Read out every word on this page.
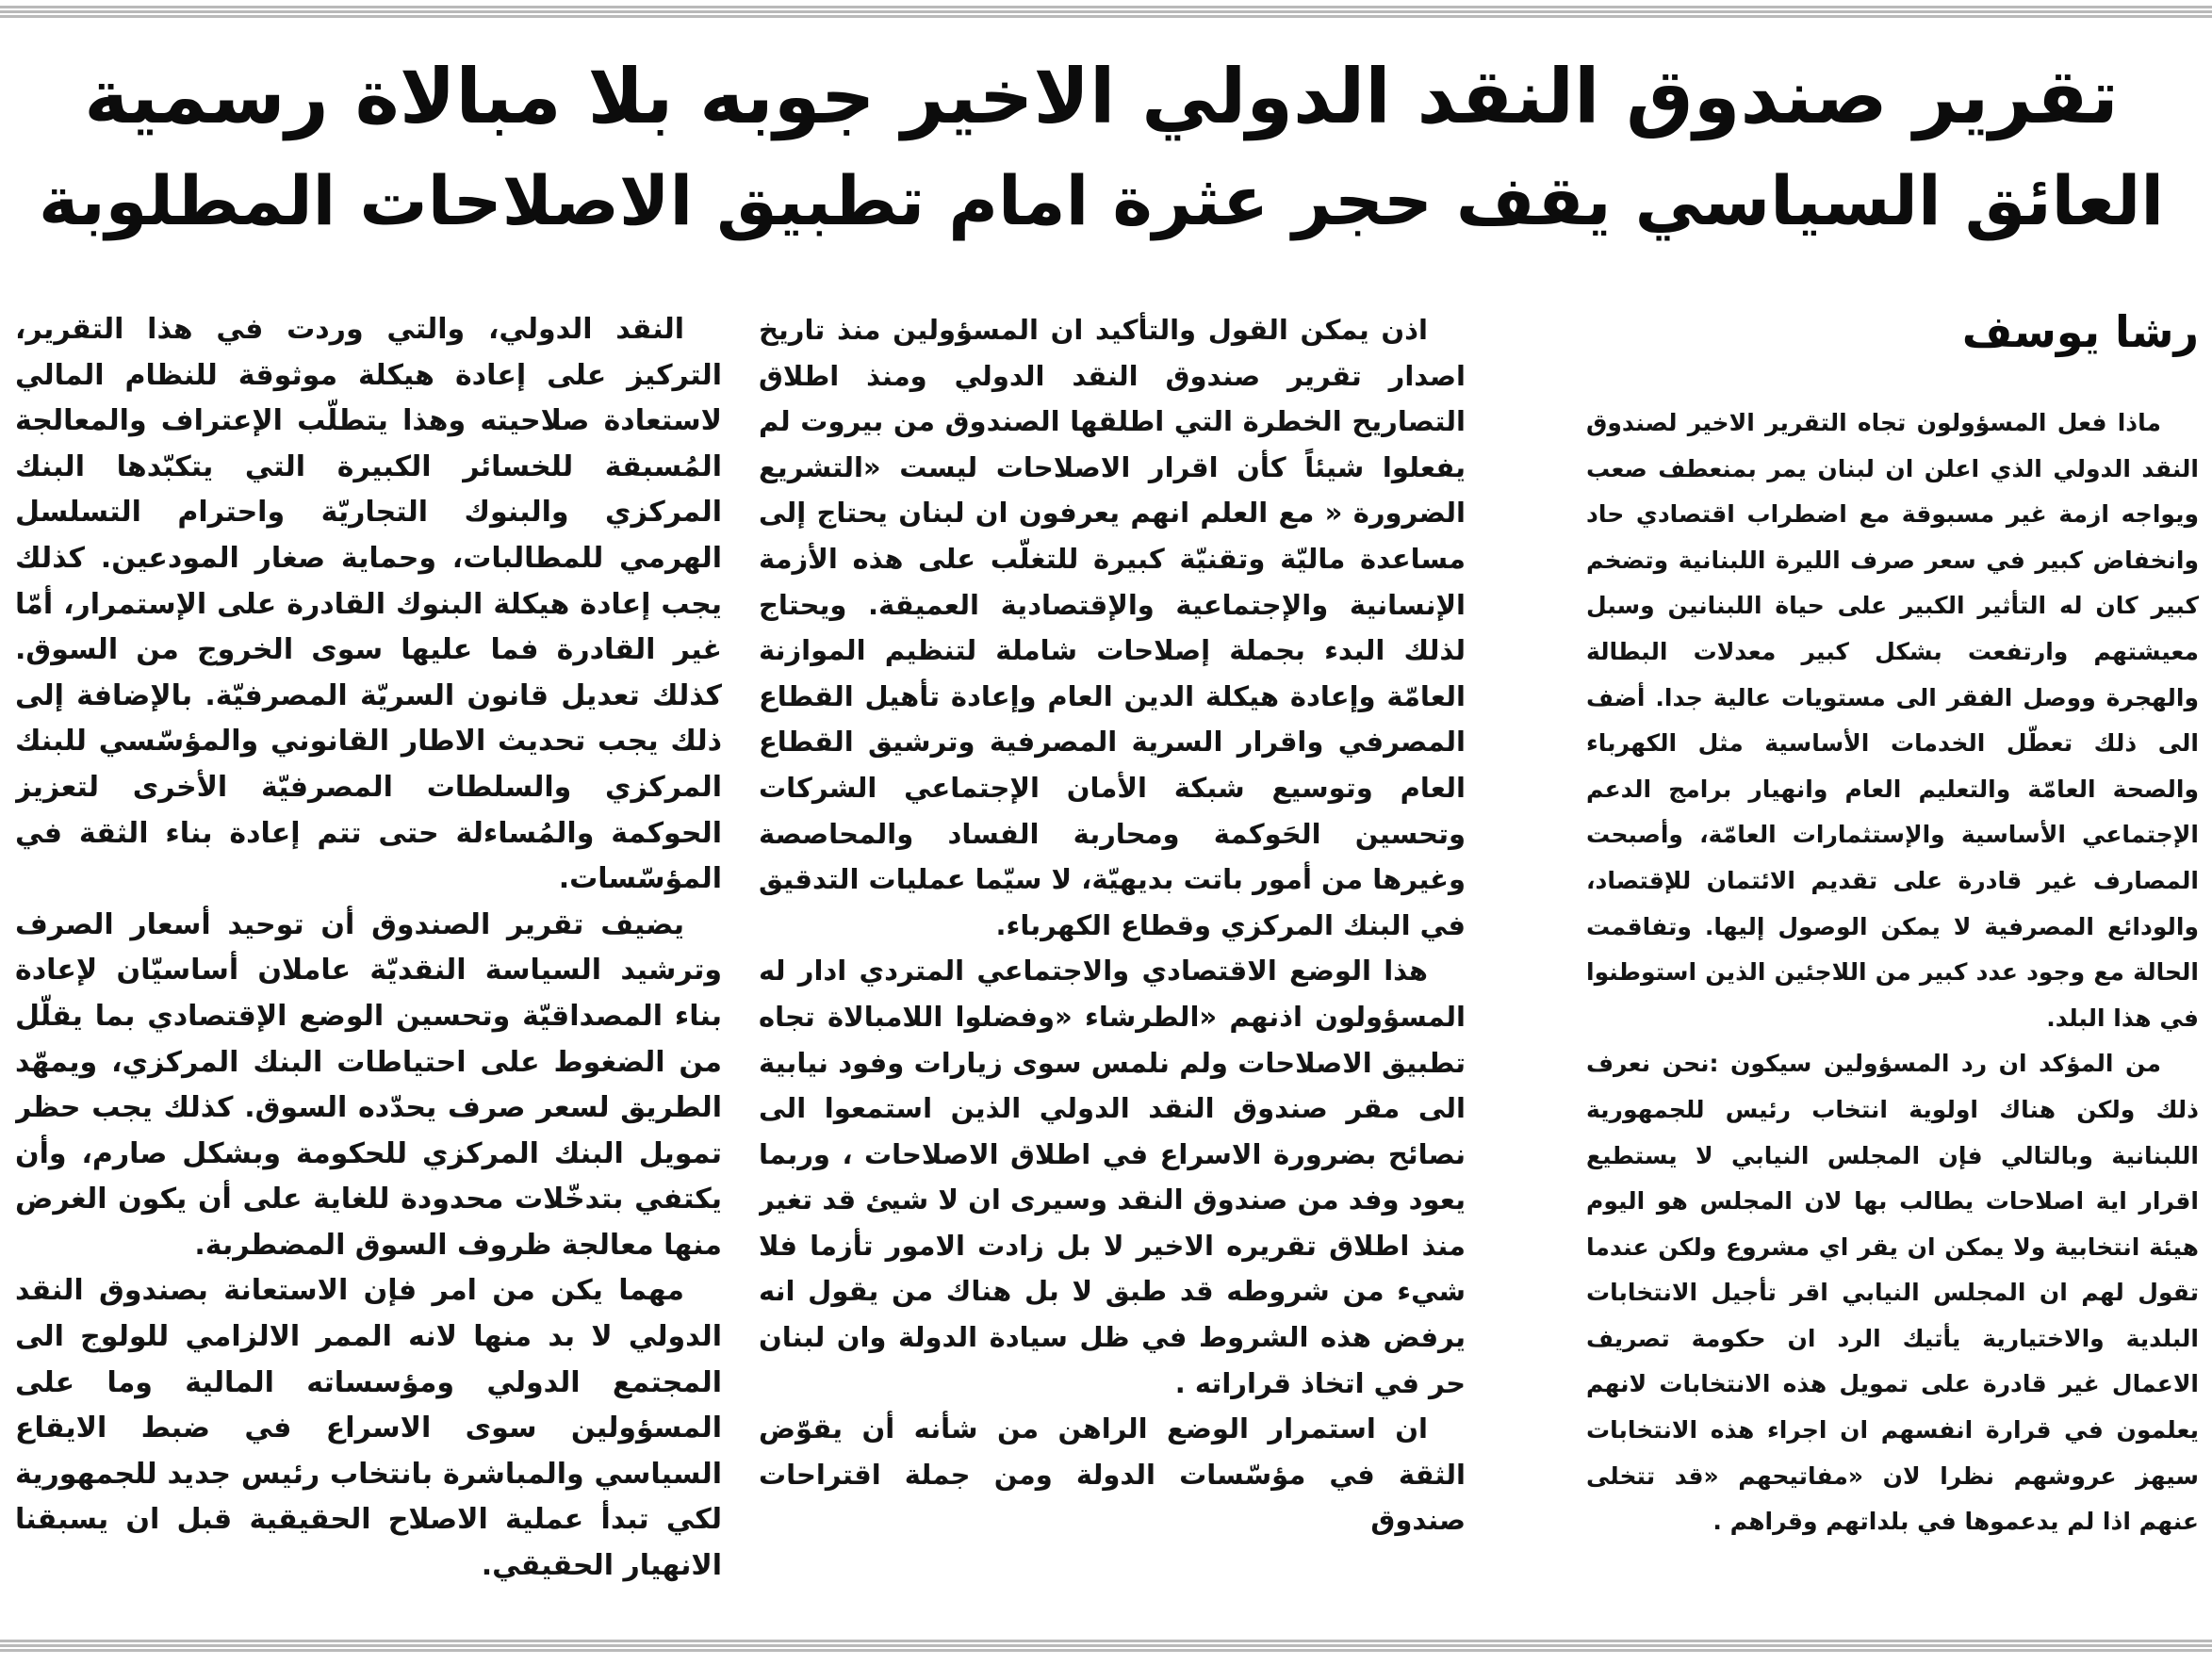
تقرير صندوق النقد الدولي الاخير جوبه بلا مبالاة رسمية
العائق السياسي يقف حجر عثرة امام تطبيق الاصلاحات المطلوبة
رشا يوسف

ماذا فعل المسؤولون تجاه التقرير الاخير لصندوق النقد الدولي الذي اعلن ان لبنان يمر بمنعطف صعب ويواجه ازمة غير مسبوقة مع اضطراب اقتصادي حاد وانخفاض كبير في سعر صرف الليرة اللبنانية وتضخم كبير كان له التأثير الكبير على حياة اللبنانين وسبل معيشتهم وارتفعت بشكل كبير معدلات البطالة والهجرة ووصل الفقر الى مستويات عالية جدا. أضف الى ذلك تعطّل الخدمات الأساسية مثل الكهرباء والصحة العامّة والتعليم العام وانهيار برامج الدعم الإجتماعي الأساسية والإستثمارات العامّة، وأصبحت المصارف غير قادرة على تقديم الائتمان للإقتصاد، والودائع المصرفية لا يمكن الوصول إليها. وتفاقمت الحالة مع وجود عدد كبير من اللاجئين الذين استوطنوا في هذا البلد.

من المؤكد ان رد المسؤولين سيكون :نحن نعرف ذلك ولكن هناك اولوية انتخاب رئيس للجمهورية اللبنانية وبالتالي فإن المجلس النيابي لا يستطيع اقرار اية اصلاحات يطالب بها لان المجلس هو اليوم هيئة انتخابية ولا يمكن ان يقر اي مشروع ولكن عندما تقول لهم ان المجلس النيابي اقر تأجيل الانتخابات البلدية والاختيارية يأتيك الرد ان حكومة تصريف الاعمال غير قادرة على تمويل هذه الانتخابات لانهم يعلمون في قرارة انفسهم ان اجراء هذه الانتخابات سيهز عروشهم نظرا لان «مفاتيحهم «قد تتخلى عنهم اذا لم يدعموها في بلداتهم وقراهم .

اذن يمكن القول والتأكيد ان المسؤولين منذ تاريخ اصدار تقرير صندوق النقد الدولي ومنذ اطلاق التصاريح الخطرة التي اطلقها الصندوق من بيروت لم يفعلوا شيئاً كأن اقرار الاصلاحات ليست «التشريع الضرورة « مع العلم انهم يعرفون ان لبنان يحتاج إلى مساعدة ماليّة وتقنيّة كبيرة للتغلّب على هذه الأزمة الإنسانية والإجتماعية والإقتصادية العميقة. ويحتاج لذلك البدء بجملة إصلاحات شاملة لتنظيم الموازنة العامّة وإعادة هيكلة الدين العام وإعادة تأهيل القطاع المصرفي واقرار السرية المصرفية وترشيق القطاع العام وتوسيع شبكة الأمان الإجتماعي الشركات وتحسين الحَوكمة ومحاربة الفساد والمحاصصة وغيرها من أمور باتت بديهيّة، لا سيّما عمليات التدقيق في البنك المركزي وقطاع الكهرباء.

هذا الوضع الاقتصادي والاجتماعي المتردي ادار له المسؤولون اذنهم «الطرشاء «وفضلوا اللامبالاة تجاه تطبيق الاصلاحات ولم نلمس سوى زيارات وفود نيابية الى مقر صندوق النقد الدولي الذين استمعوا الى نصائح بضرورة الاسراع في اطلاق الاصلاحات ، وربما يعود وفد من صندوق النقد وسيرى ان لا شيئ قد تغير منذ اطلاق تقريره الاخير لا بل زادت الامور تأزما فلا شيء من شروطه قد طبق لا بل هناك من يقول انه يرفض هذه الشروط في ظل سيادة الدولة وان لبنان حر في اتخاذ قراراته .

ان استمرار الوضع الراهن من شأنه أن يقوّض الثقة في مؤسّسات الدولة ومن جملة اقتراحات صندوق

النقد الدولي، والتي وردت في هذا التقرير، التركيز على إعادة هيكلة موثوقة للنظام المالي لاستعادة صلاحيته وهذا يتطلّب الإعتراف والمعالجة المُسبقة للخسائر الكبيرة التي يتكبّدها البنك المركزي والبنوك التجاريّة واحترام التسلسل الهرمي للمطالبات، وحماية صغار المودعين. كذلك يجب إعادة هيكلة البنوك القادرة على الإستمرار، أمّا غير القادرة فما عليها سوى الخروج من السوق. كذلك تعديل قانون السريّة المصرفيّة. بالإضافة إلى ذلك يجب تحديث الاطار القانوني والمؤسّسي للبنك المركزي والسلطات المصرفيّة الأخرى لتعزيز الحوكمة والمُساءلة حتى تتم إعادة بناء الثقة في المؤسّسات.

يضيف تقرير الصندوق أن توحيد أسعار الصرف وترشيد السياسة النقديّة عاملان أساسيّان لإعادة بناء المصداقيّة وتحسين الوضع الإقتصادي بما يقلّل من الضغوط على احتياطات البنك المركزي، ويمهّد الطريق لسعر صرف يحدّده السوق. كذلك يجب حظر تمويل البنك المركزي للحكومة وبشكل صارم، وأن يكتفي بتدخّلات محدودة للغاية على أن يكون الغرض منها معالجة ظروف السوق المضطربة.

مهما يكن من امر فإن الاستعانة بصندوق النقد الدولي لا بد منها لانه الممر الالزامي للولوج الى المجتمع الدولي ومؤسساته المالية وما على المسؤولين سوى الاسراع في ضبط الايقاع السياسي والمباشرة بانتخاب رئيس جديد للجمهورية لكي تبدأ عملية الاصلاح الحقيقية قبل ان يسبقنا الانهيار الحقيقي.
